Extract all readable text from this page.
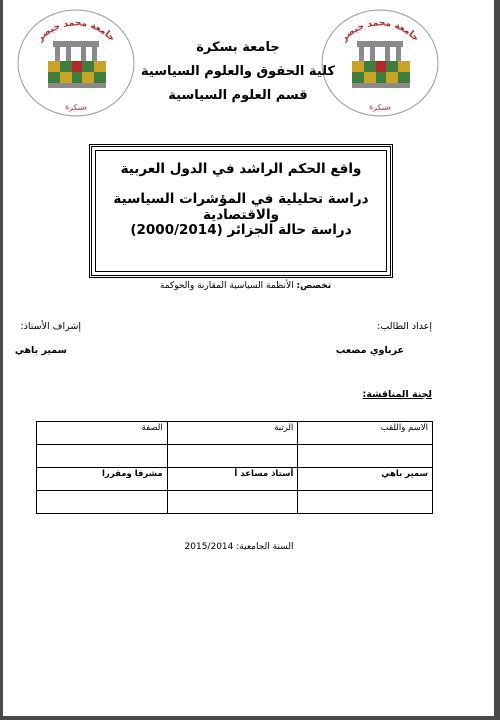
جامعة محمد خيضر
بسكرة
جامعة محمد خيضر
بسكرة
جامعة بسكرة
كلية الحقوق والعلوم السياسية
قسم العلوم السياسية
واقع الحكم الراشد في الدول العربية
دراسة تحليلية في المؤشرات السياسية والاقتصادية
دراسة حالة الجزائر (2000/2014)
تخصص: الأنظمة السياسية المقارنة والحوكمة
إعداد الطالب:
عرباوي مصعب
إشراف الأستاذ:
سمير باهي
لجنة المناقشة:
الاسم واللقب	الرتبة	الصفة

سمير باهي	أستاذ مساعد أ	مشرفا ومقررا

السنة الجامعية: 2015/2014
